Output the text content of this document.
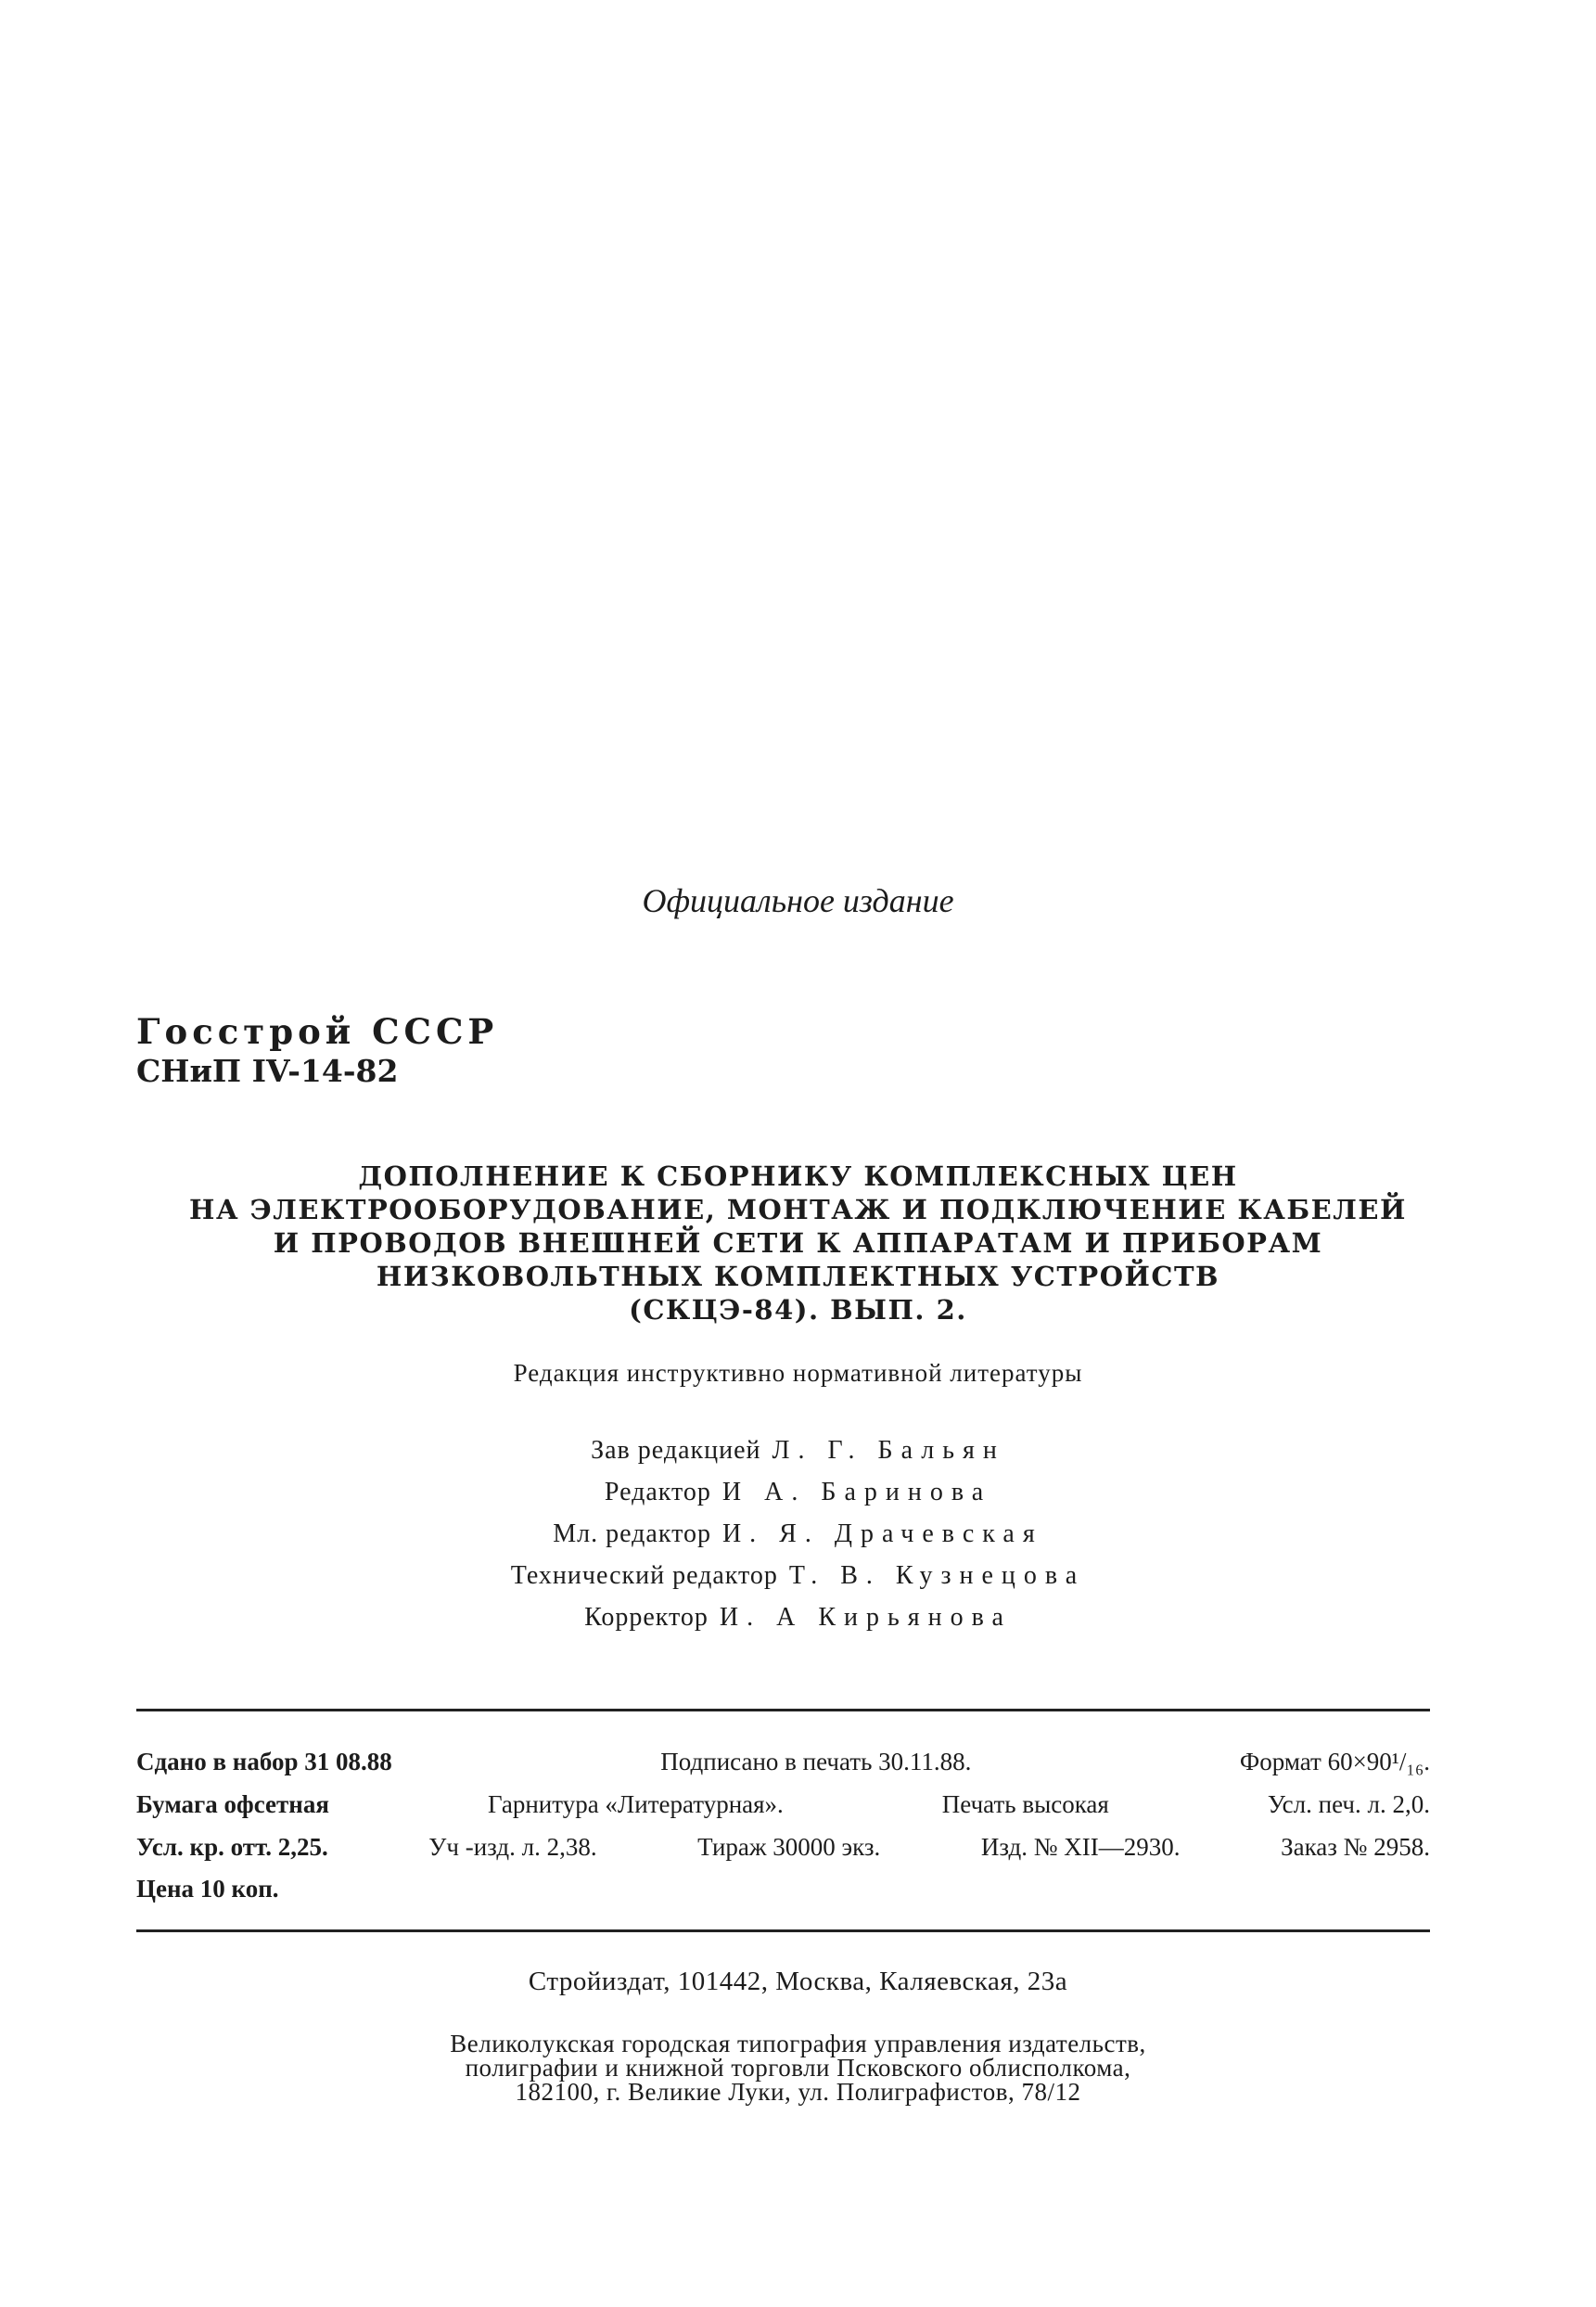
Официальное издание
Госстрой СССР
СНиП IV-14-82
ДОПОЛНЕНИЕ К СБОРНИКУ КОМПЛЕКСНЫХ ЦЕН
НА ЭЛЕКТРООБОРУДОВАНИЕ, МОНТАЖ И ПОДКЛЮЧЕНИЕ КАБЕЛЕЙ
И ПРОВОДОВ ВНЕШНЕЙ СЕТИ К АППАРАТАМ И ПРИБОРАМ
НИЗКОВОЛЬТНЫХ КОМПЛЕКТНЫХ УСТРОЙСТВ
(СКЦЭ-84). ВЫП. 2.
Редакция инструктивно нормативной литературы
Зав редакцией Л. Г. Бальян
Редактор И А. Баринова
Мл. редактор И. Я. Драчевская
Технический редактор Т. В. Кузнецова
Корректор И. А Кирьянова
Сдано в набор 31 08.88	Подписано в печать 30.11.88.	Формат 60×90¹/₁₆.
Бумага офсетная	Гарнитура «Литературная».	Печать высокая	Усл. печ. л. 2,0.
Усл. кр. отт. 2,25.	Уч -изд. л. 2,38.	Тираж 30000 экз.	Изд. № XII—2930.	Заказ № 2958.
Цена 10 коп.
Стройиздат, 101442, Москва, Каляевская, 23а
Великолукская городская типография управления издательств,
полиграфии и книжной торговли Псковского облисполкома,
182100, г. Великие Луки, ул. Полиграфистов, 78/12
